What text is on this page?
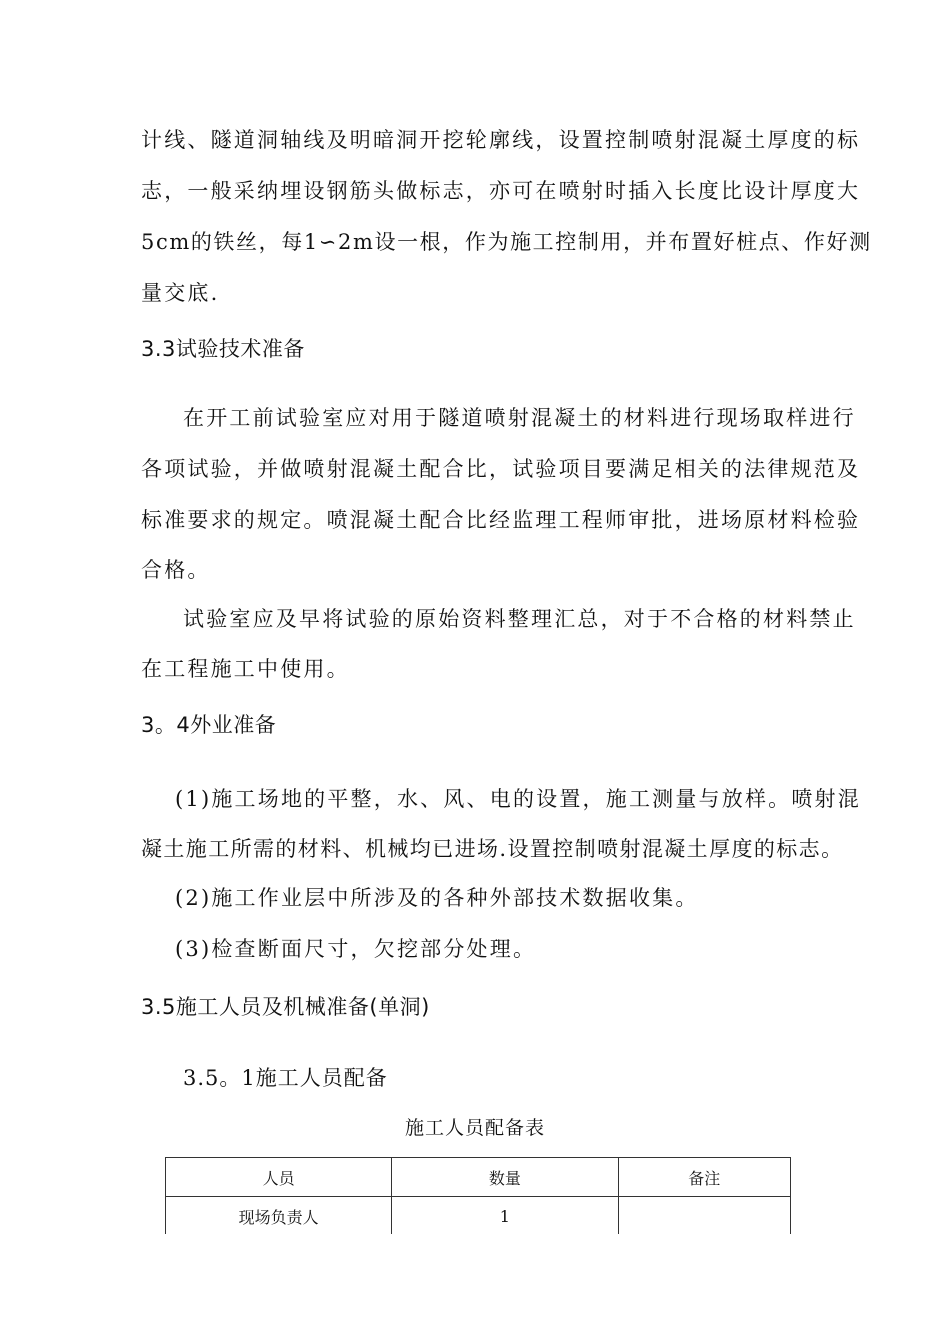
计线、隧道洞轴线及明暗洞开挖轮廓线，设置控制喷射混凝土厚度的标
志，一般采纳埋设钢筋头做标志，亦可在喷射时插入长度比设计厚度大
5cm的铁丝，每1∽2m设一根，作为施工控制用，并布置好桩点、作好测
量交底.
3.3试验技术准备
在开工前试验室应对用于隧道喷射混凝土的材料进行现场取样进行
各项试验，并做喷射混凝土配合比，试验项目要满足相关的法律规范及
标准要求的规定。喷混凝土配合比经监理工程师审批，进场原材料检验
合格。
试验室应及早将试验的原始资料整理汇总，对于不合格的材料禁止
在工程施工中使用。
3。4外业准备
(1)施工场地的平整，水、风、电的设置，施工测量与放样。喷射混
凝土施工所需的材料、机械均已进场.设置控制喷射混凝土厚度的标志。
(2)施工作业层中所涉及的各种外部技术数据收集。
(3)检查断面尺寸，欠挖部分处理。
3.5施工人员及机械准备(单洞)
3.5。1施工人员配备
施工人员配备表
人员	数量	备注
现场负责人	1	
